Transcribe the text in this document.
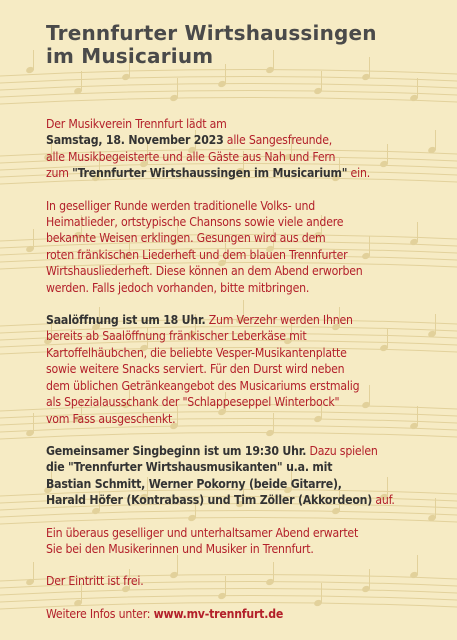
Trennfurter Wirtshaussingen
im Musicarium

Der Musikverein Trennfurt lädt am
Samstag, 18. November 2023 alle Sangesfreunde,
alle Musikbegeisterte und alle Gäste aus Nah und Fern
zum "Trennfurter Wirtshaussingen im Musicarium" ein.

In geselliger Runde werden traditionelle Volks- und
Heimatlieder, ortstypische Chansons sowie viele andere
bekannte Weisen erklingen. Gesungen wird aus dem
roten fränkischen Liederheft und dem blauen Trennfurter
Wirtshausliederheft. Diese können an dem Abend erworben
werden. Falls jedoch vorhanden, bitte mitbringen.

Saalöffnung ist um 18 Uhr. Zum Verzehr werden Ihnen
bereits ab Saalöffnung fränkischer Leberkäse mit
Kartoffelhäubchen, die beliebte Vesper-Musikantenplatte
sowie weitere Snacks serviert. Für den Durst wird neben
dem üblichen Getränkeangebot des Musicariums erstmalig
als Spezialausschank der "Schlappeseppel Winterbock"
vom Fass ausgeschenkt.

Gemeinsamer Singbeginn ist um 19:30 Uhr. Dazu spielen
die "Trennfurter Wirtshausmusikanten" u.a. mit
Bastian Schmitt, Werner Pokorny (beide Gitarre),
Harald Höfer (Kontrabass) und Tim Zöller (Akkordeon) auf.

Ein überaus geselliger und unterhaltsamer Abend erwartet
Sie bei den Musikerinnen und Musiker in Trennfurt.

Der Eintritt ist frei.

Weitere Infos unter: www.mv-trennfurt.de
